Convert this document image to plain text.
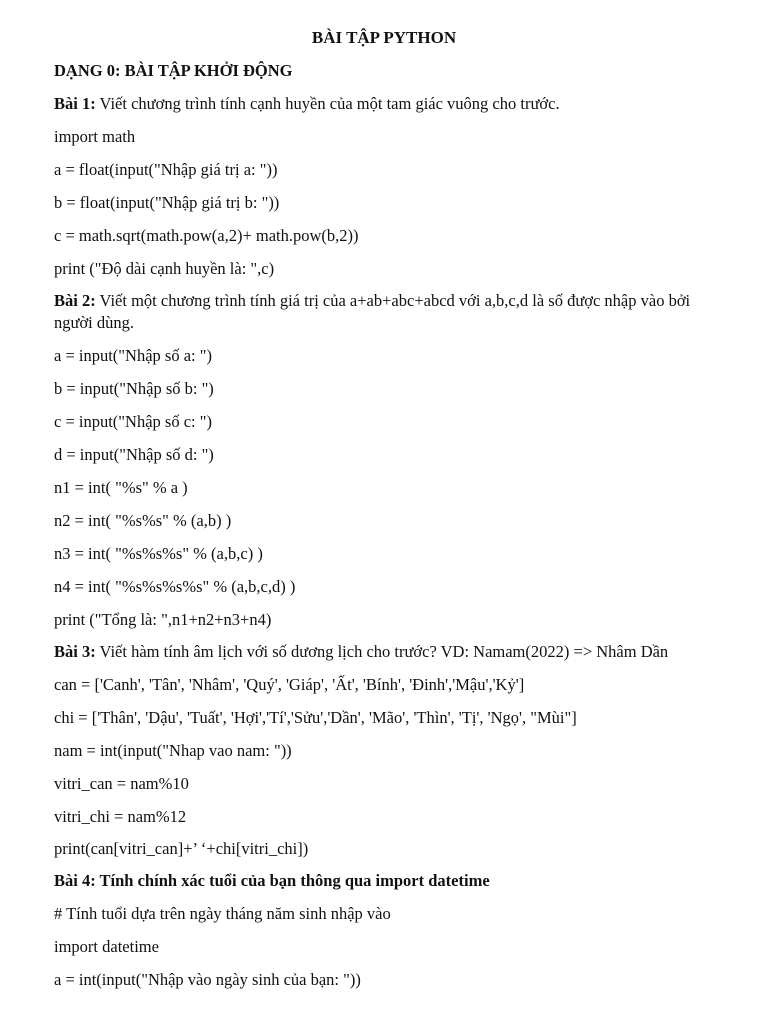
BÀI TẬP PYTHON
DẠNG 0: BÀI TẬP KHỞI ĐỘNG
Bài 1: Viết chương trình tính cạnh huyền của một tam giác vuông cho trước.
import math
a = float(input("Nhập giá trị a: "))
b = float(input("Nhập giá trị b: "))
c = math.sqrt(math.pow(a,2)+ math.pow(b,2))
print ("Độ dài cạnh huyền là: ",c)
Bài 2: Viết một chương trình tính giá trị của a+ab+abc+abcd với a,b,c,d là số được nhập vào bởi người dùng.
a = input("Nhập số a: ")
b = input("Nhập số b: ")
c = input("Nhập số c: ")
d = input("Nhập số d: ")
n1 = int( "%s" % a )
n2 = int( "%s%s" % (a,b) )
n3 = int( "%s%s%s" % (a,b,c) )
n4 = int( "%s%s%s%s" % (a,b,c,d) )
print ("Tổng là: ",n1+n2+n3+n4)
Bài 3: Viết hàm tính âm lịch với số dương lịch cho trước? VD: Namam(2022) => Nhâm Dần
can = ['Canh', 'Tân', 'Nhâm', 'Quý', 'Giáp', 'Ất', 'Bính', 'Đinh','Mậu','Kỷ']
chi = ['Thân', 'Dậu', 'Tuất', 'Hợi','Tí','Sửu','Dần', 'Mão', 'Thìn', 'Tị', 'Ngọ', "Mùi"]
nam = int(input("Nhap vao nam: "))
vitri_can = nam%10
vitri_chi = nam%12
print(can[vitri_can]+’ ‘+chi[vitri_chi])
Bài 4: Tính chính xác tuổi của bạn thông qua import datetime
# Tính tuổi dựa trên ngày tháng năm sinh nhập vào
import datetime
a = int(input("Nhập vào ngày sinh của bạn: "))
